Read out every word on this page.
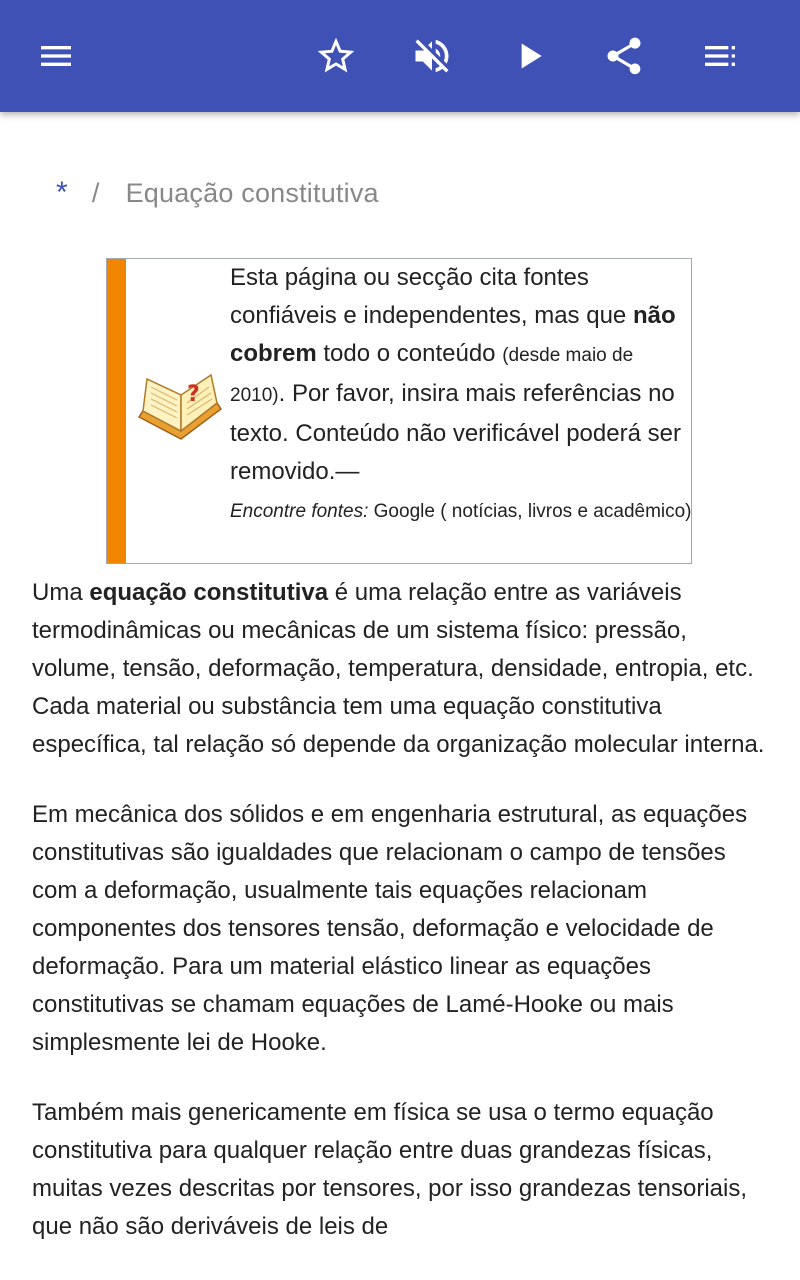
* / Equação constitutiva
?
Esta página ou secção cita fontes confiáveis e independentes, mas que não cobrem todo o conteúdo (desde maio de 2010). Por favor, insira mais referências no texto. Conteúdo não verificável poderá ser removido.—
Encontre fontes: Google ( notícias, livros e acadêmico)

Uma equação constitutiva é uma relação entre as variáveis termodinâmicas ou mecânicas de um sistema físico: pressão, volume, tensão, deformação, temperatura, densidade, entropia, etc. Cada material ou substância tem uma equação constitutiva específica, tal relação só depende da organização molecular interna.

Em mecânica dos sólidos e em engenharia estrutural, as equações constitutivas são igualdades que relacionam o campo de tensões com a deformação, usualmente tais equações relacionam componentes dos tensores tensão, deformação e velocidade de deformação. Para um material elástico linear as equações constitutivas se chamam equações de Lamé-Hooke ou mais simplesmente lei de Hooke.

Também mais genericamente em física se usa o termo equação constitutiva para qualquer relação entre duas grandezas físicas, muitas vezes descritas por tensores, por isso grandezas tensoriais, que não são deriváveis de leis de
